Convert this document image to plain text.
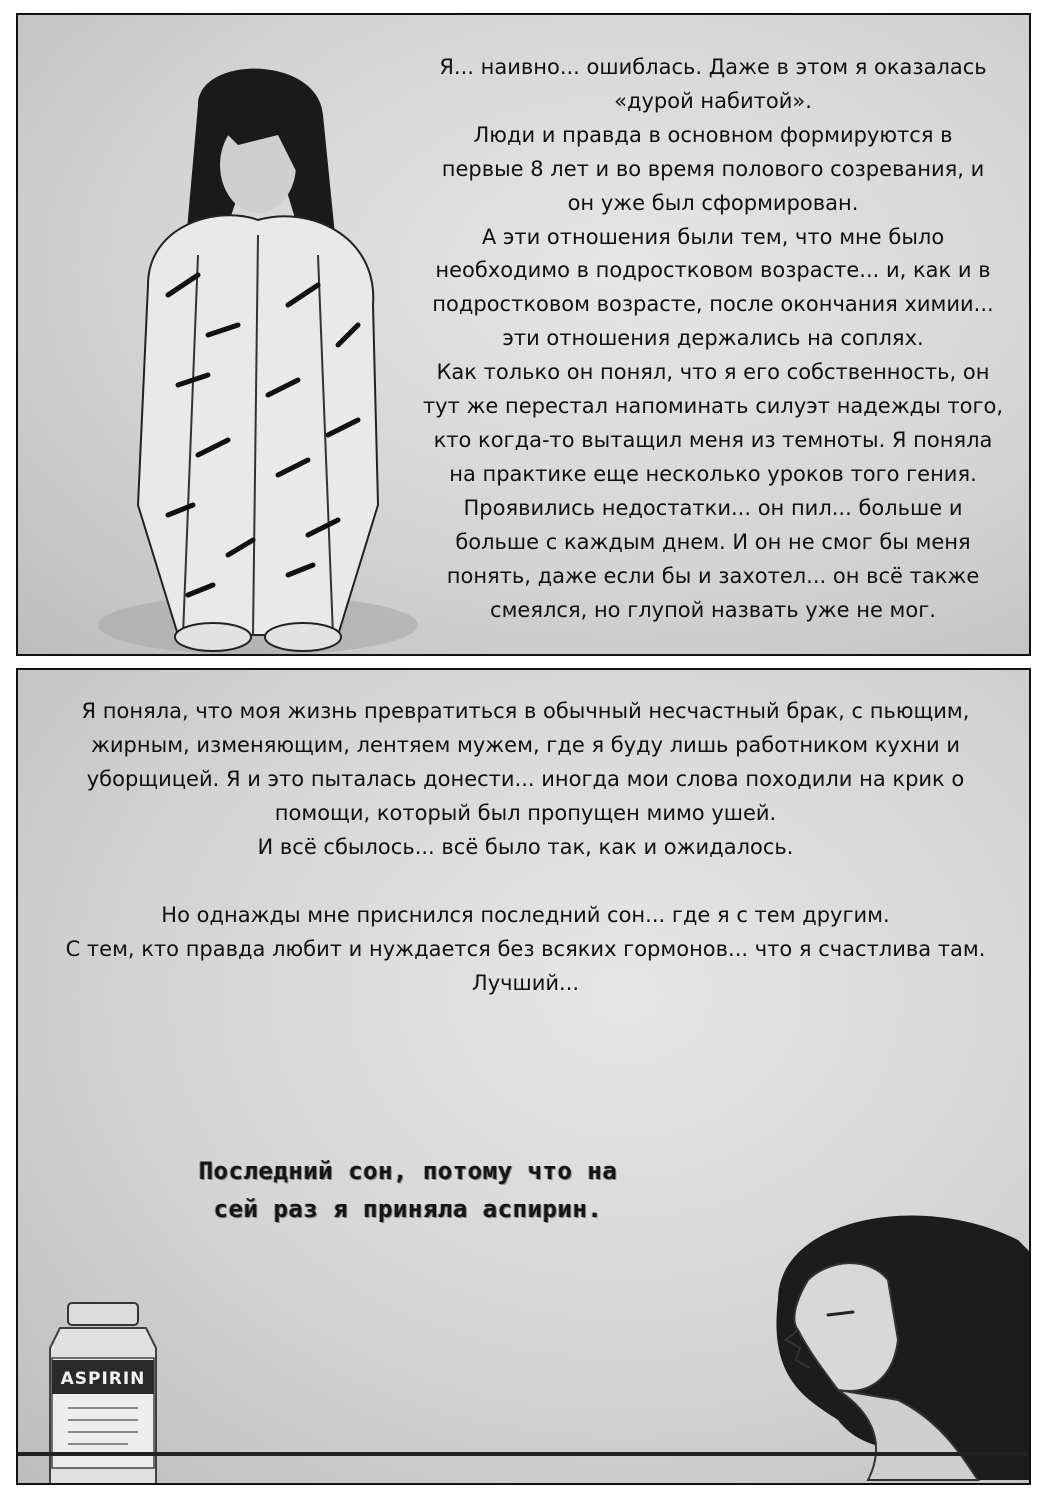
Я... наивно... ошиблась. Даже в этом я оказалась
«дурой набитой».
Люди и правда в основном формируются в
первые 8 лет и во время полового созревания, и
он уже был сформирован.
А эти отношения были тем, что мне было
необходимо в подростковом возрасте... и, как и в
подростковом возрасте, после окончания химии...
эти отношения держались на соплях.
Как только он понял, что я его собственность, он
тут же перестал напоминать силуэт надежды того,
кто когда-то вытащил меня из темноты. Я поняла
на практике еще несколько уроков того гения.
Проявились недостатки... он пил... больше и
больше с каждым днем. И он не смог бы меня
понять, даже если бы и захотел... он всё также
смеялся, но глупой назвать уже не мог.

Я поняла, что моя жизнь превратиться в обычный несчастный брак, с пьющим,
жирным, изменяющим, лентяем мужем, где я буду лишь работником кухни и
уборщицей. Я и это пыталась донести... иногда мои слова походили на крик о
помощи, который был пропущен мимо ушей.
И всё сбылось... всё было так, как и ожидалось.

Но однажды мне приснился последний сон... где я с тем другим.
С тем, кто правда любит и нуждается без всяких гормонов... что я счастлива там.
Лучший...

Последний сон, потому что на
сей раз я приняла аспирин.

ASPIRIN
